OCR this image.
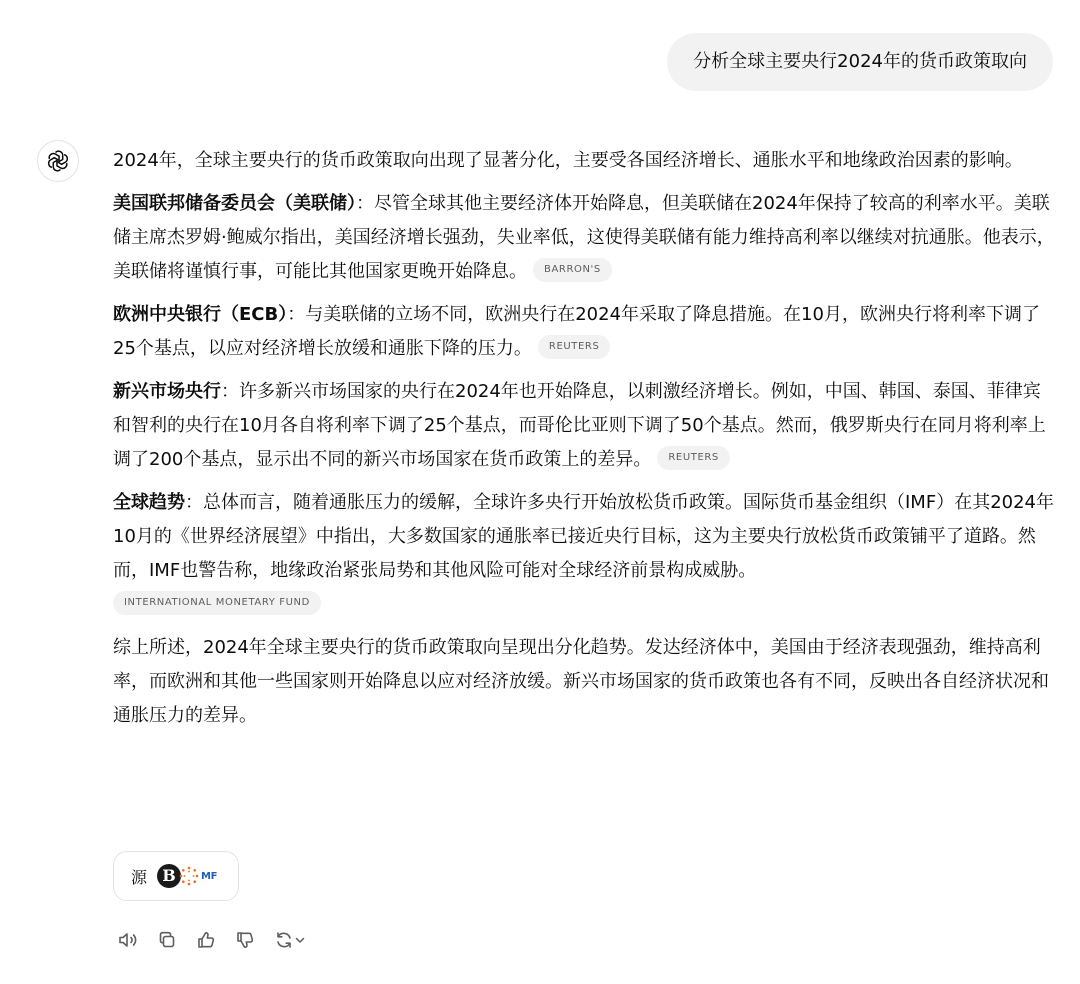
分析全球主要央行2024年的货币政策取向

2024年，全球主要央行的货币政策取向出现了显著分化，主要受各国经济增长、通胀水平和地缘政治因素的影响。

美国联邦储备委员会（美联储）：尽管全球其他主要经济体开始降息，但美联储在2024年保持了较高的利率水平。美联储主席杰罗姆·鲍威尔指出，美国经济增长强劲，失业率低，这使得美联储有能力维持高利率以继续对抗通胀。他表示，美联储将谨慎行事，可能比其他国家更晚开始降息。 BARRON'S

欧洲中央银行（ECB）：与美联储的立场不同，欧洲央行在2024年采取了降息措施。在10月，欧洲央行将利率下调了25个基点，以应对经济增长放缓和通胀下降的压力。 REUTERS

新兴市场央行：许多新兴市场国家的央行在2024年也开始降息，以刺激经济增长。例如，中国、韩国、泰国、菲律宾和智利的央行在10月各自将利率下调了25个基点，而哥伦比亚则下调了50个基点。然而，俄罗斯央行在同月将利率上调了200个基点，显示出不同的新兴市场国家在货币政策上的差异。 REUTERS

全球趋势：总体而言，随着通胀压力的缓解，全球许多央行开始放松货币政策。国际货币基金组织（IMF）在其2024年10月的《世界经济展望》中指出，大多数国家的通胀率已接近央行目标，这为主要央行放松货币政策铺平了道路。然而，IMF也警告称，地缘政治紧张局势和其他风险可能对全球经济前景构成威胁。
INTERNATIONAL MONETARY FUND

综上所述，2024年全球主要央行的货币政策取向呈现出分化趋势。发达经济体中，美国由于经济表现强劲，维持高利率，而欧洲和其他一些国家则开始降息以应对经济放缓。新兴市场国家的货币政策也各有不同，反映出各自经济状况和通胀压力的差异。

源 B	MF
